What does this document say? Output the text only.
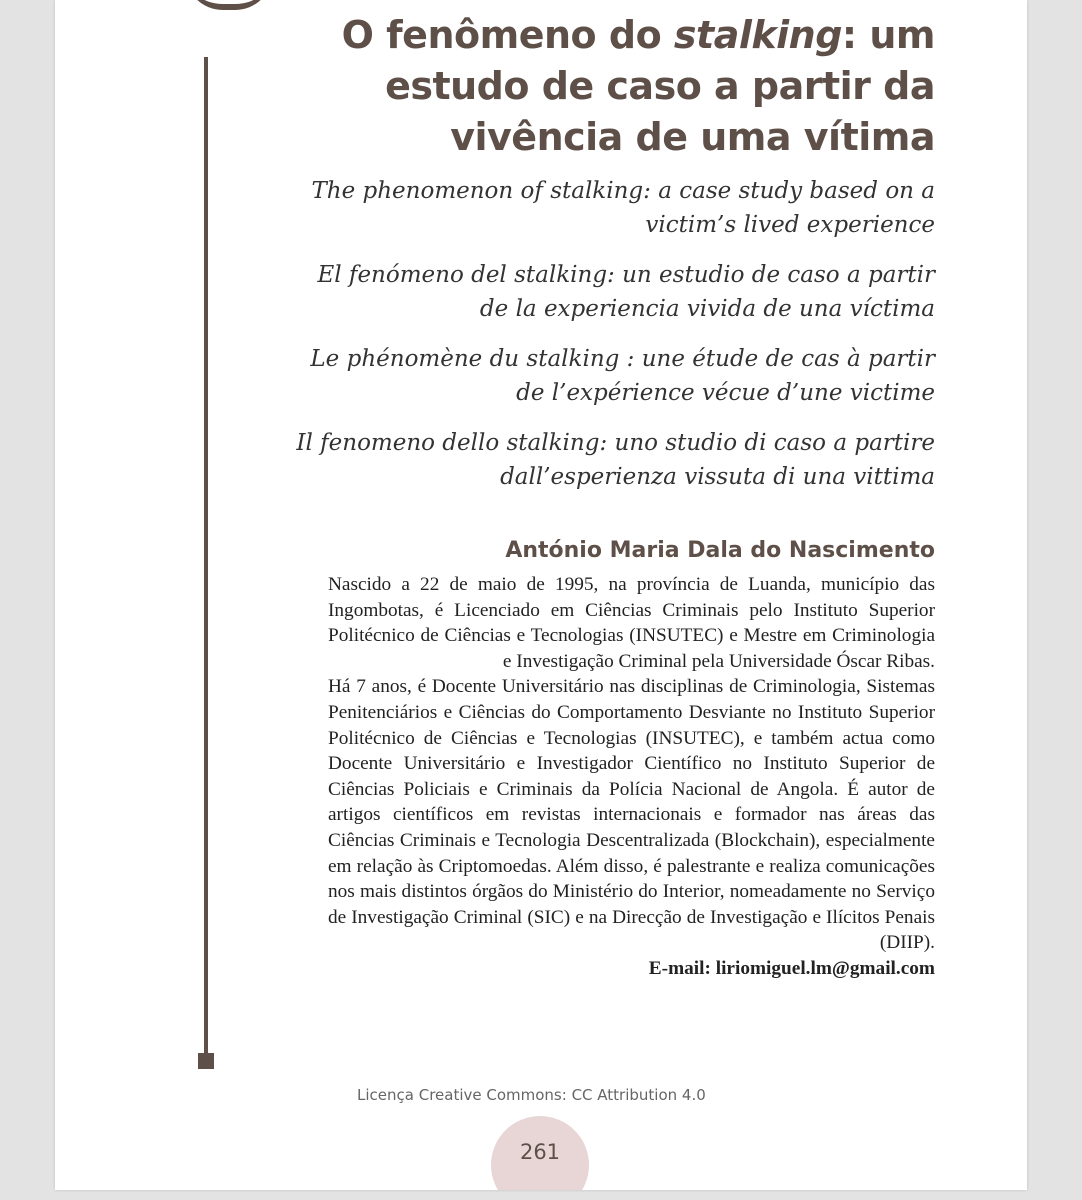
O fenômeno do stalking: um estudo de caso a partir da vivência de uma vítima

The phenomenon of stalking: a case study based on a victim’s lived experience

El fenómeno del stalking: un estudio de caso a partir de la experiencia vivida de una víctima

Le phénomène du stalking : une étude de cas à partir de l’expérience vécue d’une victime

Il fenomeno dello stalking: uno studio di caso a partire dall’esperienza vissuta di una vittima

António Maria Dala do Nascimento

Nascido a 22 de maio de 1995, na província de Luanda, município das Ingombotas, é Licenciado em Ciências Criminais pelo Instituto Superior Politécnico de Ciências e Tecnologias (INSUTEC) e Mestre em Criminologia e Investigação Criminal pela Universidade Óscar Ribas.

Há 7 anos, é Docente Universitário nas disciplinas de Criminologia, Sistemas Penitenciários e Ciências do Comportamento Desviante no Instituto Superior Politécnico de Ciências e Tecnologias (INSUTEC), e também actua como Docente Universitário e Investigador Científico no Instituto Superior de Ciências Policiais e Criminais da Polícia Nacional de Angola. É autor de artigos científicos em revistas internacionais e formador nas áreas das Ciências Criminais e Tecnologia Descentralizada (Blockchain), especialmente em relação às Criptomoedas. Além disso, é palestrante e realiza comunicações nos mais distintos órgãos do Ministério do Interior, nomeadamente no Serviço de Investigação Criminal (SIC) e na Direcção de Investigação e Ilícitos Penais (DIIP).

E-mail: liriomiguel.lm@gmail.com

Licença Creative Commons: CC Attribution 4.0

261
